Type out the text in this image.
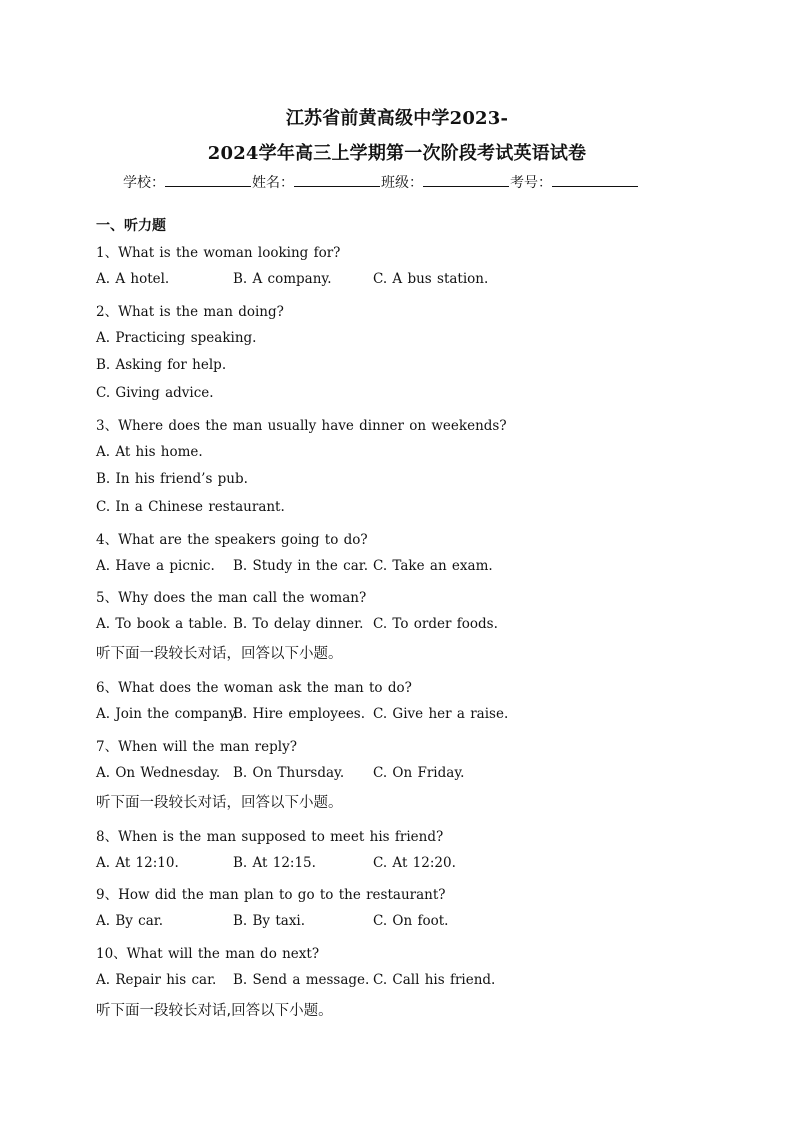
江苏省前黄高级中学2023-
2024学年高三上学期第一次阶段考试英语试卷
学校：	姓名：	班级：	考号：
一、听力题
1、What is the woman looking for?
A. A hotel.	B. A company.	C. A bus station.
2、What is the man doing?
A. Practicing speaking.
B. Asking for help.
C. Giving advice.
3、Where does the man usually have dinner on weekends?
A. At his home.
B. In his friend’s pub.
C. In a Chinese restaurant.
4、What are the speakers going to do?
A. Have a picnic. B. Study in the car. C. Take an exam.
5、Why does the man call the woman?
A. To book a table. B. To delay dinner. C. To order foods.
听下面一段较长对话，回答以下小题。
6、What does the woman ask the man to do?
A. Join the company.
B. Hire employees. C. Give her a raise.
7、When will the man reply?
A. On Wednesday. B. On Thursday. C. On Friday.
听下面一段较长对话，回答以下小题。
8、When is the man supposed to meet his friend?
A. At 12:10.	B. At 12:15.	C. At 12:20.
9、How did the man plan to go to the restaurant?
A. By car.	B. By taxi.	C. On foot.
10、What will the man do next?
A. Repair his car. B. Send a message. C. Call his friend.
听下面一段较长对话,回答以下小题。
